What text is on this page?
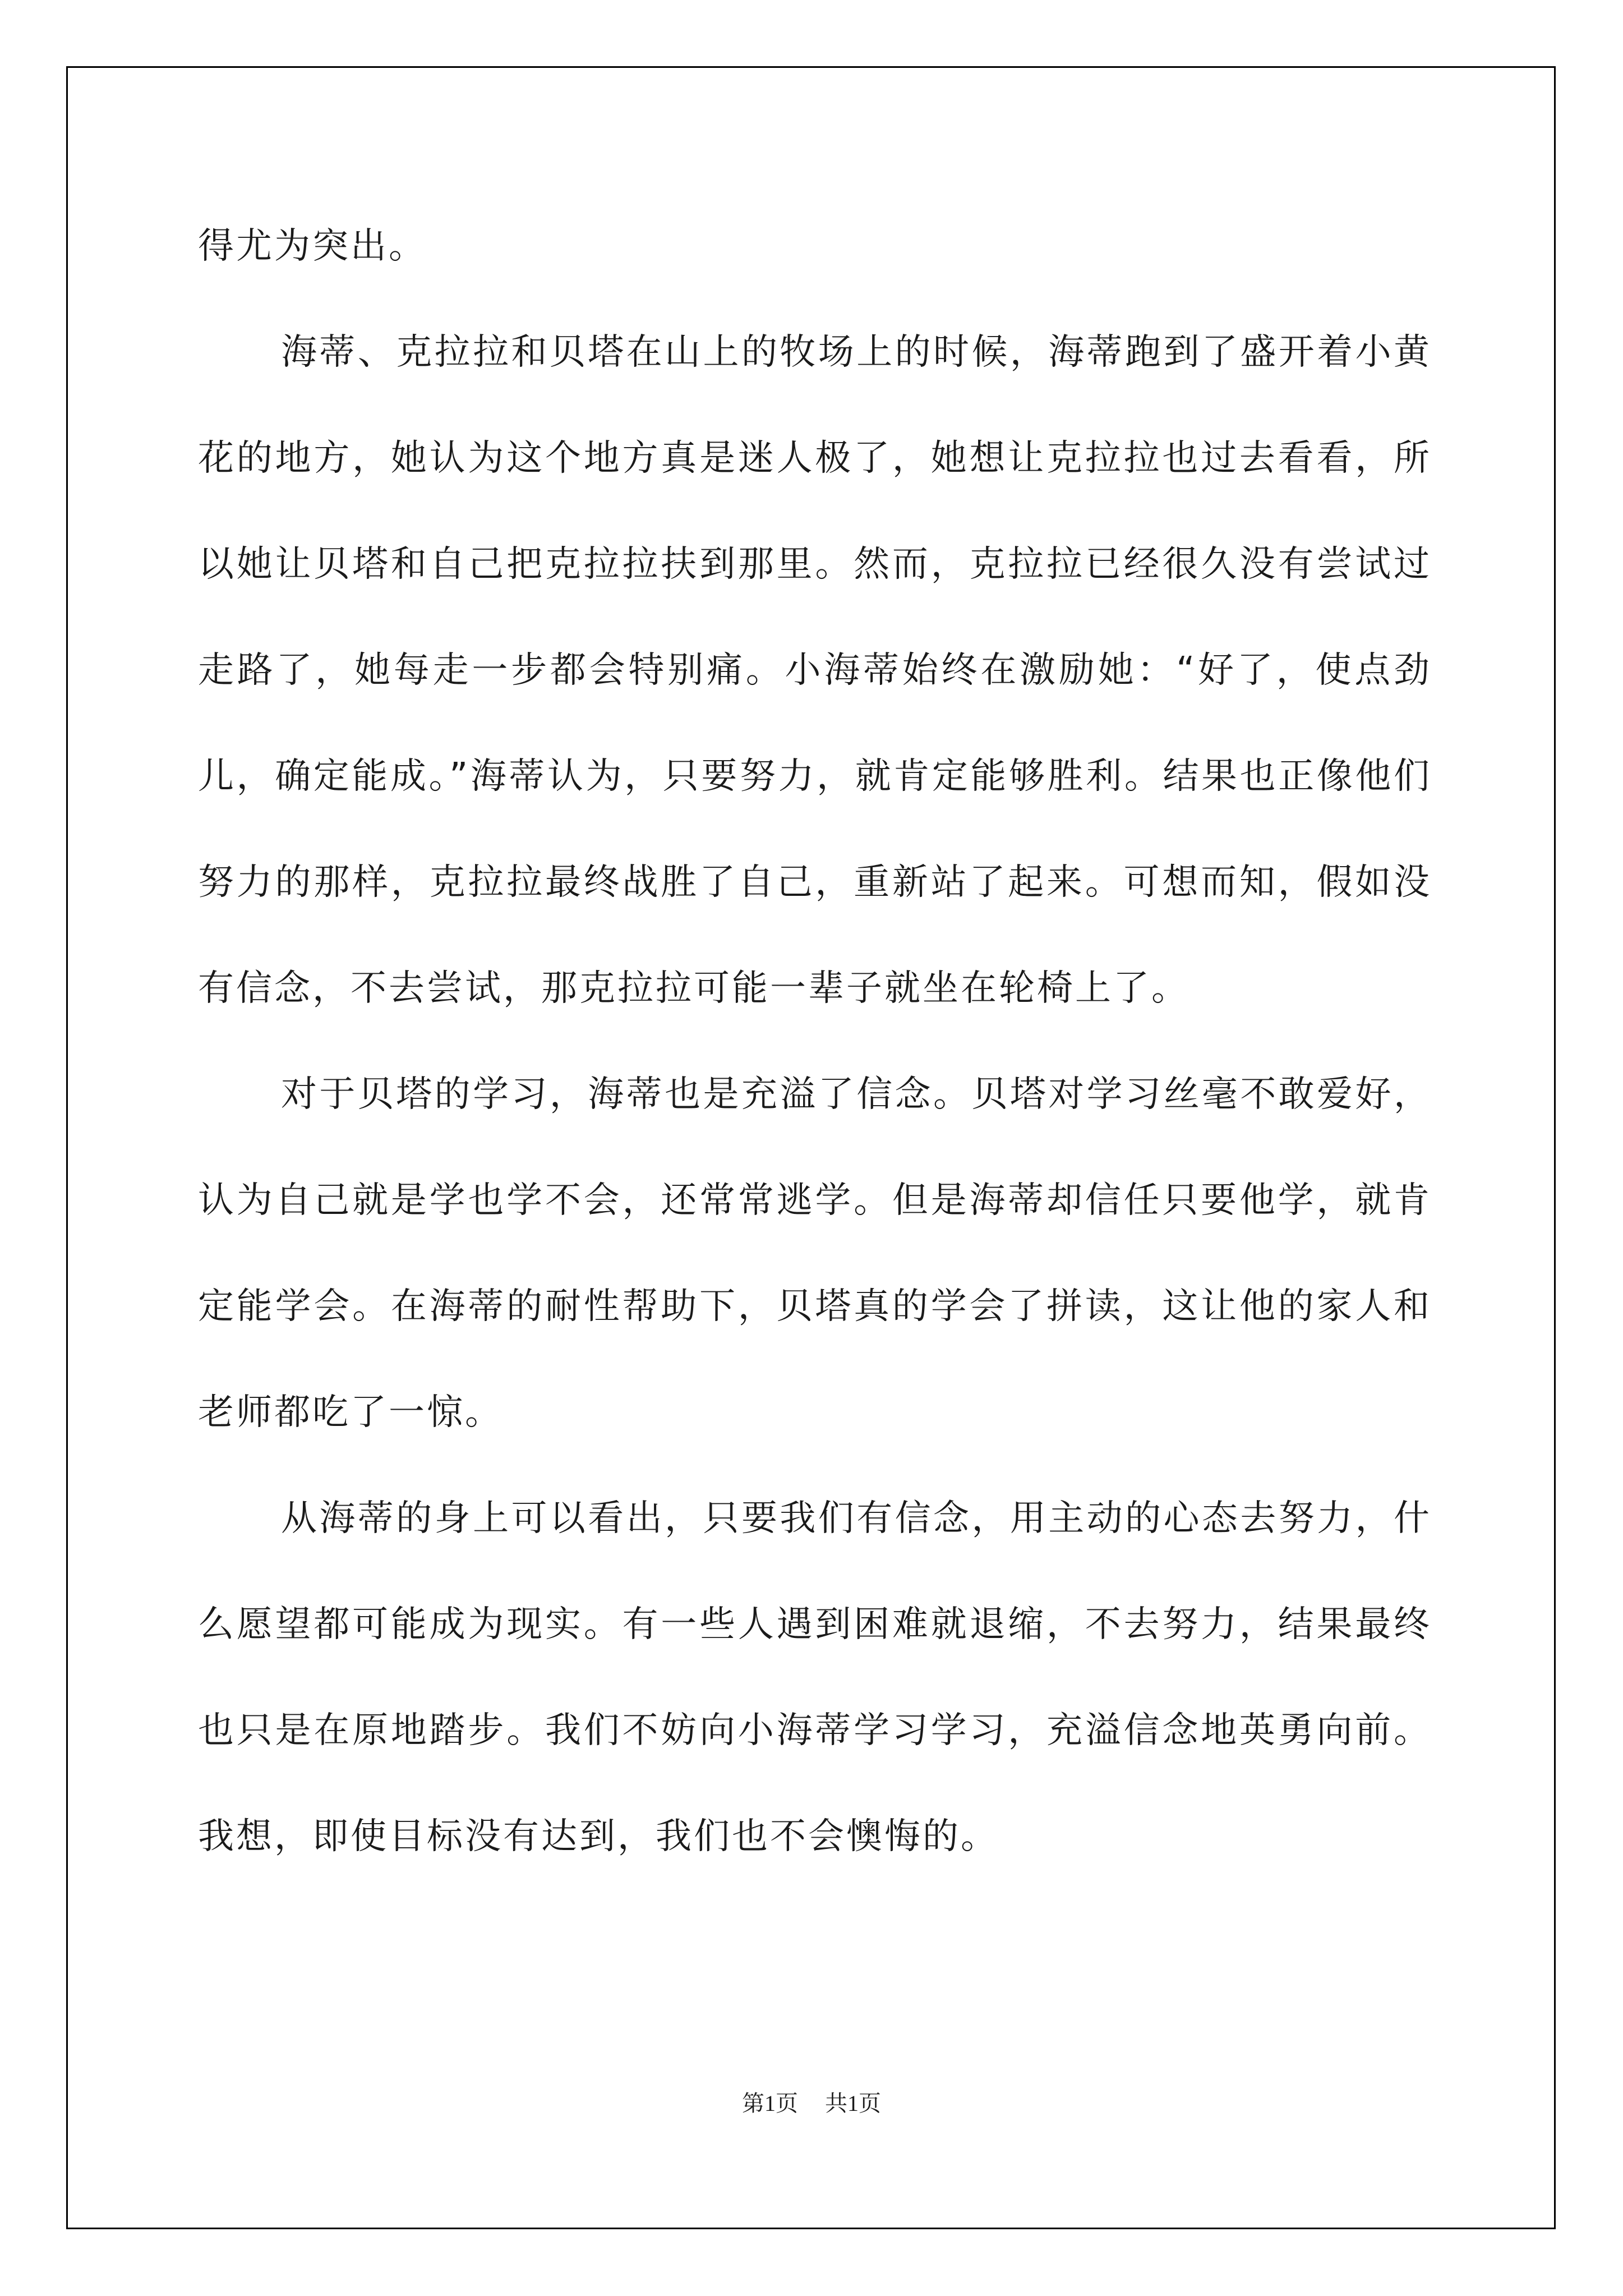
得尤为突出。

海蒂、克拉拉和贝塔在山上的牧场上的时候，海蒂跑到了盛开着小黄花的地方，她认为这个地方真是迷人极了，她想让克拉拉也过去看看，所以她让贝塔和自己把克拉拉扶到那里。然而，克拉拉已经很久没有尝试过走路了，她每走一步都会特别痛。小海蒂始终在激励她：“好了，使点劲儿，确定能成。”海蒂认为，只要努力，就肯定能够胜利。结果也正像他们努力的那样，克拉拉最终战胜了自己，重新站了起来。可想而知，假如没有信念，不去尝试，那克拉拉可能一辈子就坐在轮椅上了。

对于贝塔的学习，海蒂也是充溢了信念。贝塔对学习丝毫不敢爱好，认为自己就是学也学不会，还常常逃学。但是海蒂却信任只要他学，就肯定能学会。在海蒂的耐性帮助下，贝塔真的学会了拼读，这让他的家人和老师都吃了一惊。

从海蒂的身上可以看出，只要我们有信念，用主动的心态去努力，什么愿望都可能成为现实。有一些人遇到困难就退缩，不去努力，结果最终也只是在原地踏步。我们不妨向小海蒂学习学习，充溢信念地英勇向前。我想，即使目标没有达到，我们也不会懊悔的。

第1页 共1页
